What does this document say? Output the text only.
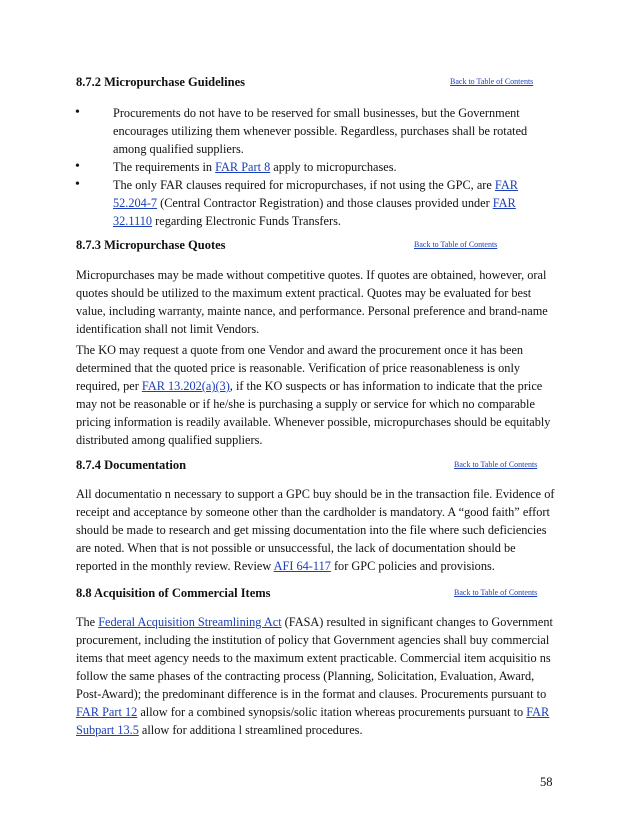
8.7.2 Micropurchase Guidelines	Back to Table of Contents
•	Procurements do not have to be reserved for small businesses, but the Government
encourages utilizing them whenever possible. Regardless, purchases shall be rotated
among qualified suppliers.
•	The requirements in FAR Part 8 apply to micropurchases.
•	The only FAR clauses required for micropurchases, if not using the GPC, are FAR
52.204-7 (Central Contractor Registration) and those clauses provided under FAR
32.1110 regarding Electronic Funds Transfers.
8.7.3 Micropurchase Quotes	Back to Table of Contents
Micropurchases may be made without competitive quotes. If quotes are obtained, however, oral
quotes should be utilized to the maximum extent practical. Quotes may be evaluated for best
value, including warranty, mainte nance, and performance. Personal preference and brand-name
identification shall not limit Vendors.
The KO may request a quote from one Vendor and award the procurement once it has been
determined that the quoted price is reasonable. Verification of price reasonableness is only
required, per FAR 13.202(a)(3), if the KO suspects or has information to indicate that the price
may not be reasonable or if he/she is purchasing a supply or service for which no comparable
pricing information is readily available. Whenever possible, micropurchases should be equitably
distributed among qualified suppliers.
8.7.4 Documentation	Back to Table of Contents
All documentatio n necessary to support a GPC buy should be in the transaction file. Evidence of
receipt and acceptance by someone other than the cardholder is mandatory. A “good faith” effort
should be made to research and get missing documentation into the file where such deficiencies
are noted. When that is not possible or unsuccessful, the lack of documentation should be
reported in the monthly review. Review AFI 64-117 for GPC policies and provisions.
8.8 Acquisition of Commercial Items	Back to Table of Contents
The Federal Acquisition Streamlining Act (FASA) resulted in significant changes to Government
procurement, including the institution of policy that Government agencies shall buy commercial
items that meet agency needs to the maximum extent practicable. Commercial item acquisitio ns
follow the same phases of the contracting process (Planning, Solicitation, Evaluation, Award,
Post-Award); the predominant difference is in the format and clauses. Procurements pursuant to
FAR Part 12 allow for a combined synopsis/solic itation whereas procurements pursuant to FAR
Subpart 13.5 allow for additiona l streamlined procedures.
58
